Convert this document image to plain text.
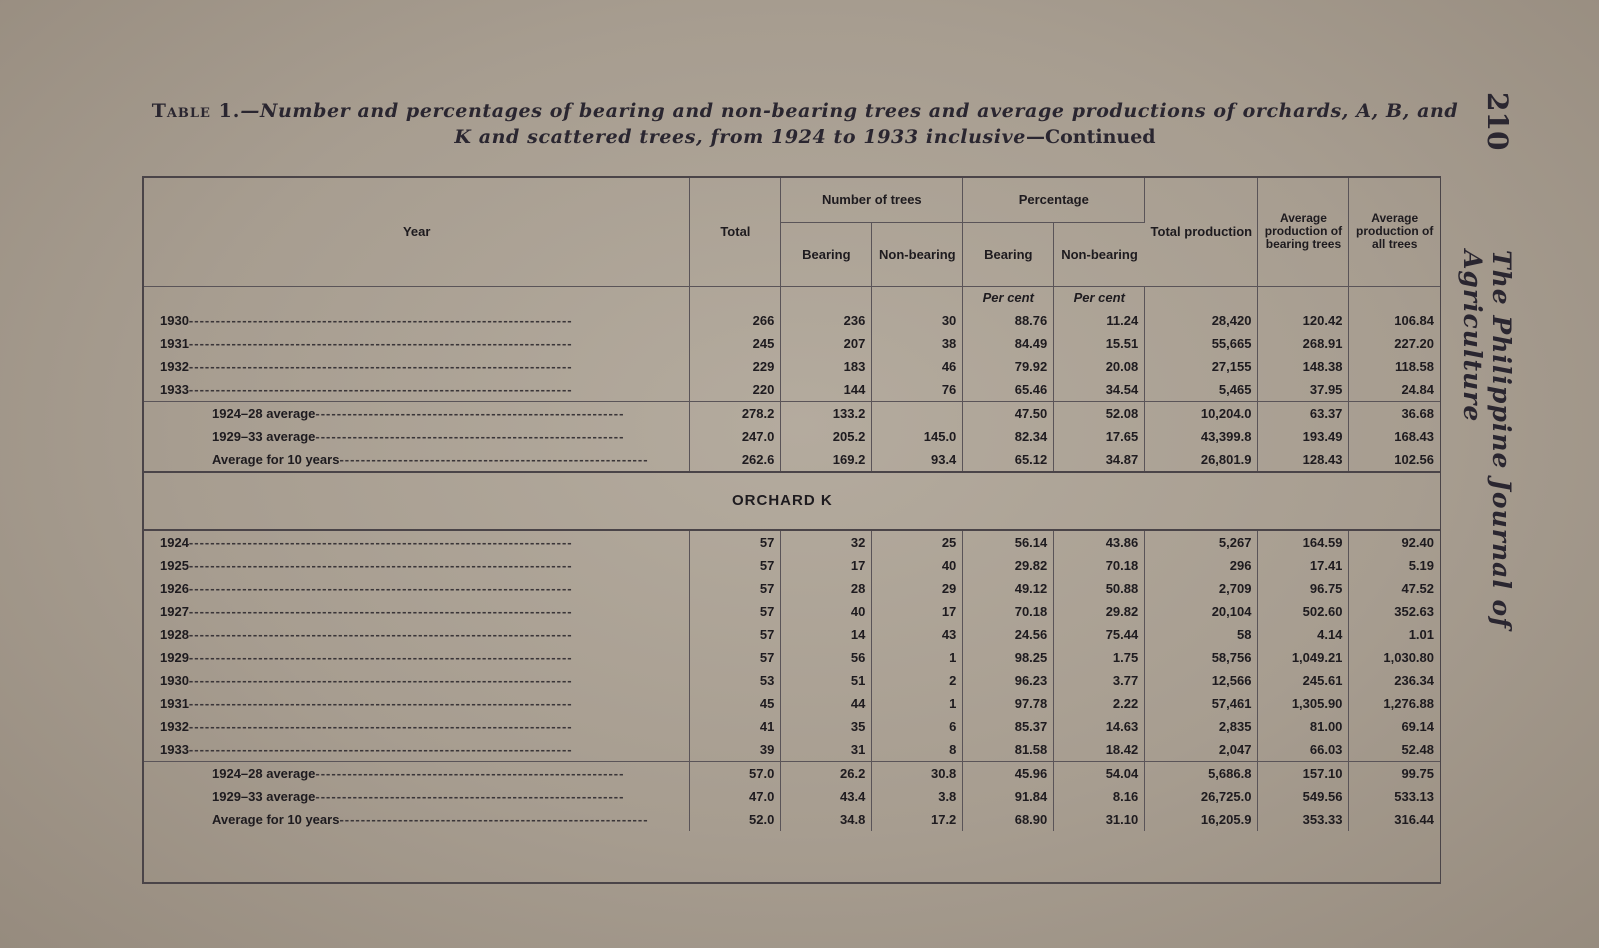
Table 1.—Number and percentages of bearing and non-bearing trees and average productions of orchards, A, B, and K and scattered trees, from 1924 to 1933 inclusive—Continued	210
The Philippine Journal of Agriculture
Year	Total	Number of trees		Percentage		Total production	Average production of bearing trees	Average production of all trees
		Bearing	Non-bearing	Bearing	Non-bearing			
				Per cent	Per cent			
1930------------------------------------------------------------------------	266	236	30	88.76	11.24	28,420	120.42	106.84
1931------------------------------------------------------------------------	245	207	38	84.49	15.51	55,665	268.91	227.20
1932------------------------------------------------------------------------	229	183	46	79.92	20.08	27,155	148.38	118.58
1933------------------------------------------------------------------------	220	144	76	65.46	34.54	5,465	37.95	24.84
1924–28 average----------------------------------------------------------	278.2	133.2		47.50	52.08	10,204.0	63.37	36.68
1929–33 average----------------------------------------------------------	247.0	205.2	145.0	82.34	17.65	43,399.8	193.49	168.43
Average for 10 years----------------------------------------------------------	262.6	169.2	93.4	65.12	34.87	26,801.9	128.43	102.56
ORCHARD K								
1924------------------------------------------------------------------------	57	32	25	56.14	43.86	5,267	164.59	92.40
1925------------------------------------------------------------------------	57	17	40	29.82	70.18	296	17.41	5.19
1926------------------------------------------------------------------------	57	28	29	49.12	50.88	2,709	96.75	47.52
1927------------------------------------------------------------------------	57	40	17	70.18	29.82	20,104	502.60	352.63
1928------------------------------------------------------------------------	57	14	43	24.56	75.44	58	4.14	1.01
1929------------------------------------------------------------------------	57	56	1	98.25	1.75	58,756	1,049.21	1,030.80
1930------------------------------------------------------------------------	53	51	2	96.23	3.77	12,566	245.61	236.34
1931------------------------------------------------------------------------	45	44	1	97.78	2.22	57,461	1,305.90	1,276.88
1932------------------------------------------------------------------------	41	35	6	85.37	14.63	2,835	81.00	69.14
1933------------------------------------------------------------------------	39	31	8	81.58	18.42	2,047	66.03	52.48
1924–28 average----------------------------------------------------------	57.0	26.2	30.8	45.96	54.04	5,686.8	157.10	99.75
1929–33 average----------------------------------------------------------	47.0	43.4	3.8	91.84	8.16	26,725.0	549.56	533.13
Average for 10 years----------------------------------------------------------	52.0	34.8	17.2	68.90	31.10	16,205.9	353.33	316.44
